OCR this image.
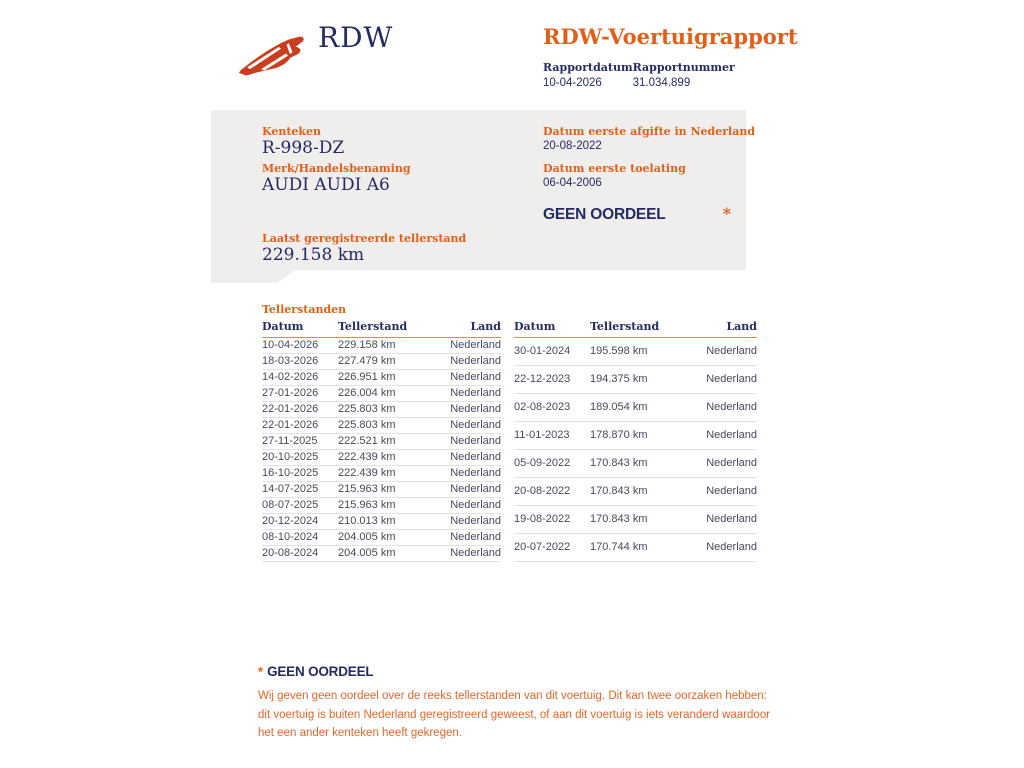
RDW	RDW-Voertuigrapport
Rapportdatum
10-04-2026
Rapportnummer
31.034.899
Kenteken
R-998-DZ
Merk/Handelsbenaming
AUDI AUDI A6
Laatst geregistreerde tellerstand
229.158 km
Datum eerste afgifte in Nederland
20-08-2022
Datum eerste toelating
06-04-2006
GEEN OORDEEL	*
Tellerstanden
Datum	Tellerstand	Land
10-04-2026	229.158 km	Nederland
18-03-2026	227.479 km	Nederland
14-02-2026	226.951 km	Nederland
27-01-2026	226.004 km	Nederland
22-01-2026	225.803 km	Nederland
22-01-2026	225.803 km	Nederland
27-11-2025	222.521 km	Nederland
20-10-2025	222.439 km	Nederland
16-10-2025	222.439 km	Nederland
14-07-2025	215.963 km	Nederland
08-07-2025	215.963 km	Nederland
20-12-2024	210.013 km	Nederland
08-10-2024	204.005 km	Nederland
20-08-2024	204.005 km	Nederland
Datum	Tellerstand	Land
30-01-2024	195.598 km	Nederland
22-12-2023	194.375 km	Nederland
02-08-2023	189.054 km	Nederland
11-01-2023	178.870 km	Nederland
05-09-2022	170.843 km	Nederland
20-08-2022	170.843 km	Nederland
19-08-2022	170.843 km	Nederland
20-07-2022	170.744 km	Nederland
* GEEN OORDEEL
Wij geven geen oordeel over de reeks tellerstanden van dit voertuig. Dit kan twee oorzaken hebben: dit voertuig is buiten Nederland geregistreerd geweest, of aan dit voertuig is iets veranderd waardoor het een ander kenteken heeft gekregen.
